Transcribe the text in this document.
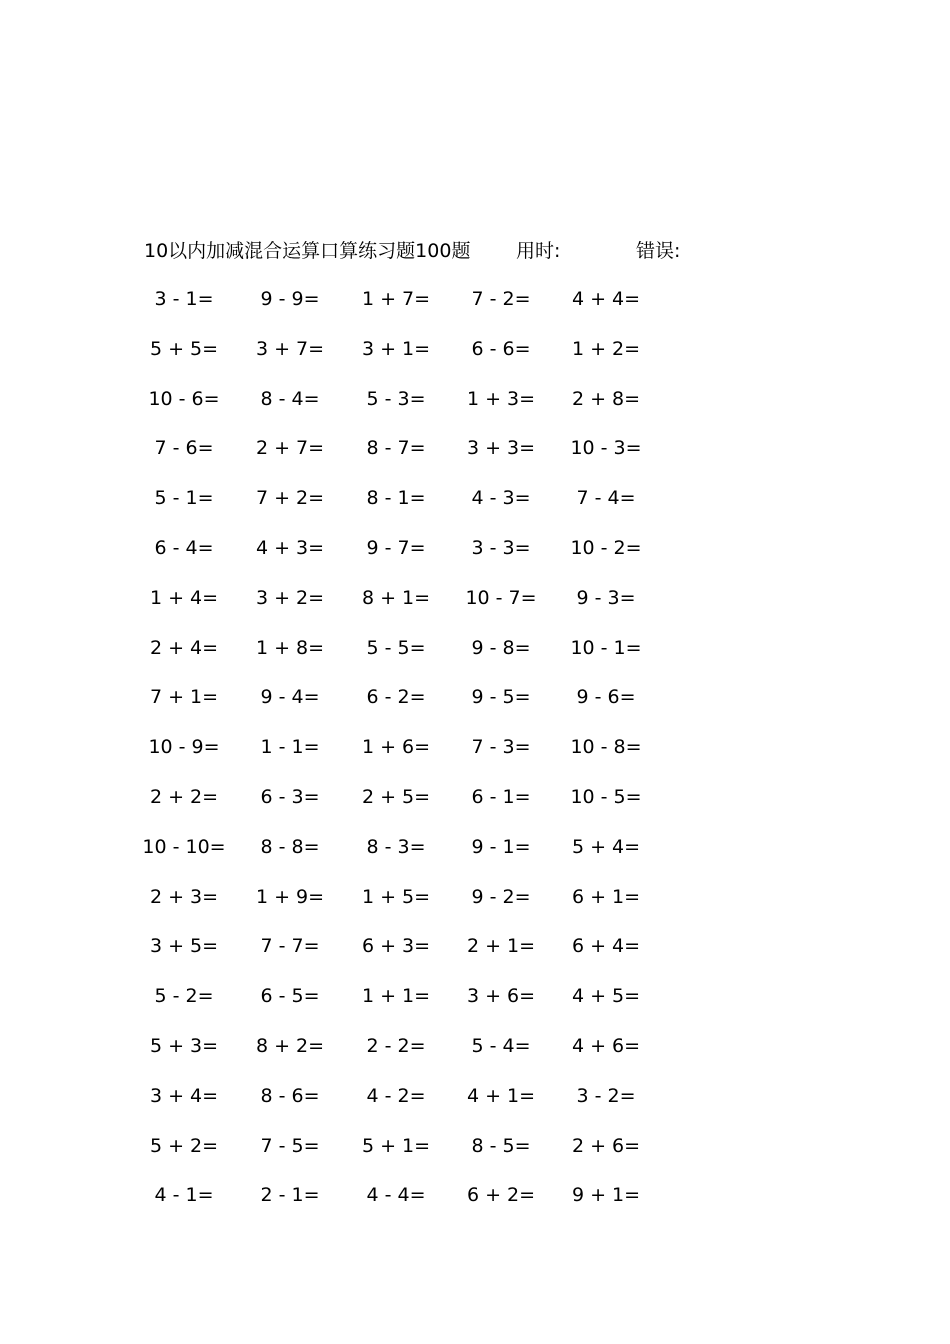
10以内加减混合运算口算练习题100题 用时:	错误:
3 - 1=	9 - 9=	1 + 7=	7 - 2=	4 + 4=
5 + 5=	3 + 7=	3 + 1=	6 - 6=	1 + 2=
10 - 6=	8 - 4=	5 - 3=	1 + 3=	2 + 8=
7 - 6=	2 + 7=	8 - 7=	3 + 3=	10 - 3=
5 - 1=	7 + 2=	8 - 1=	4 - 3=	7 - 4=
6 - 4=	4 + 3=	9 - 7=	3 - 3=	10 - 2=
1 + 4=	3 + 2=	8 + 1=	10 - 7=	9 - 3=
2 + 4=	1 + 8=	5 - 5=	9 - 8=	10 - 1=
7 + 1=	9 - 4=	6 - 2=	9 - 5=	9 - 6=
10 - 9=	1 - 1=	1 + 6=	7 - 3=	10 - 8=
2 + 2=	6 - 3=	2 + 5=	6 - 1=	10 - 5=
10 - 10=	8 - 8=	8 - 3=	9 - 1=	5 + 4=
2 + 3=	1 + 9=	1 + 5=	9 - 2=	6 + 1=
3 + 5=	7 - 7=	6 + 3=	2 + 1=	6 + 4=
5 - 2=	6 - 5=	1 + 1=	3 + 6=	4 + 5=
5 + 3=	8 + 2=	2 - 2=	5 - 4=	4 + 6=
3 + 4=	8 - 6=	4 - 2=	4 + 1=	3 - 2=
5 + 2=	7 - 5=	5 + 1=	8 - 5=	2 + 6=
4 - 1=	2 - 1=	4 - 4=	6 + 2=	9 + 1=
